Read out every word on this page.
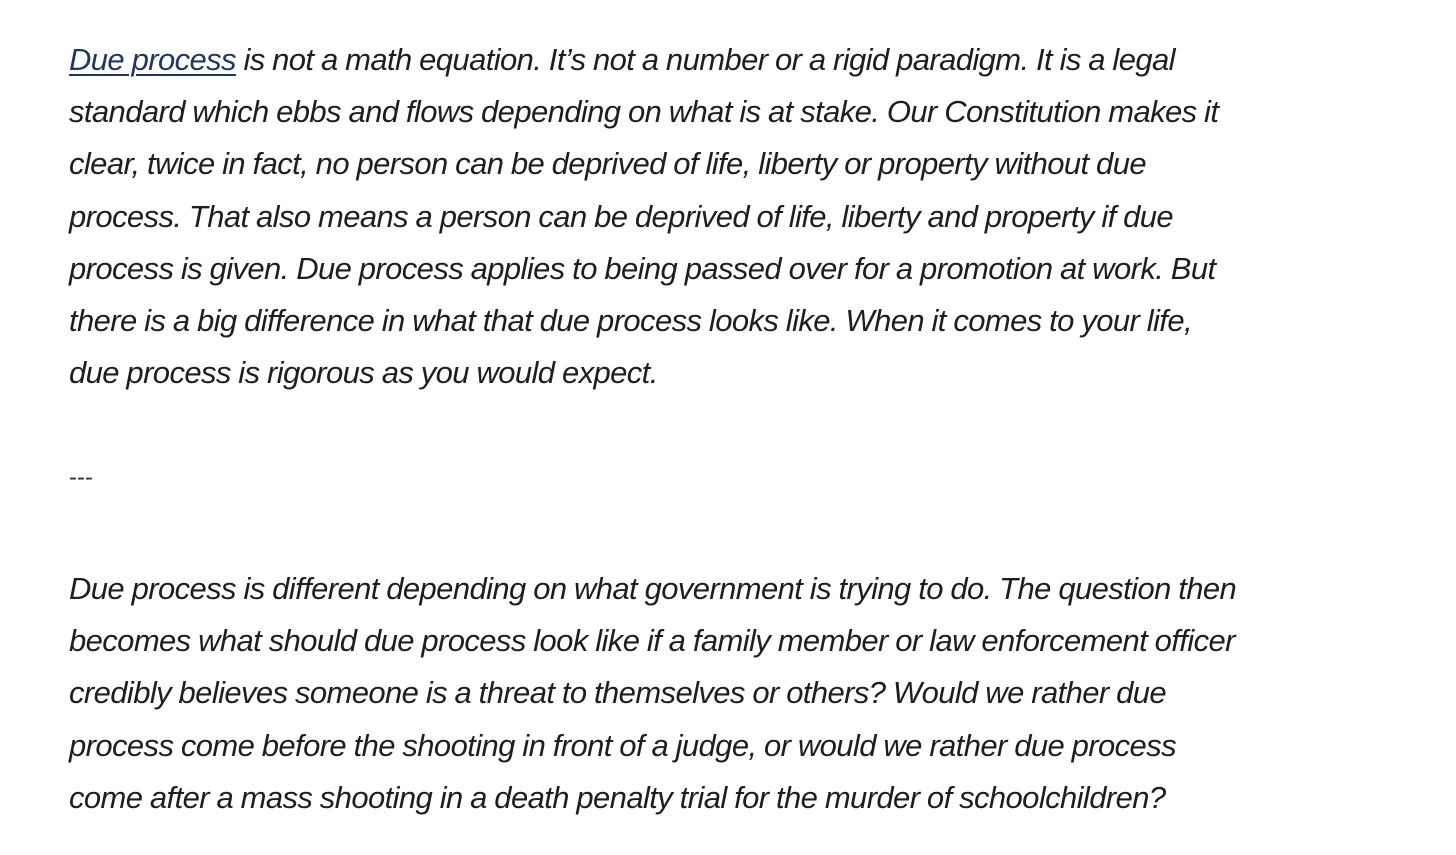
Due process is not a math equation. It’s not a number or a rigid paradigm. It is a legal
standard which ebbs and flows depending on what is at stake. Our Constitution makes it
clear, twice in fact, no person can be deprived of life, liberty or property without due
process. That also means a person can be deprived of life, liberty and property if due
process is given. Due process applies to being passed over for a promotion at work. But
there is a big difference in what that due process looks like. When it comes to your life,
due process is rigorous as you would expect.

---

Due process is different depending on what government is trying to do. The question then
becomes what should due process look like if a family member or law enforcement officer
credibly believes someone is a threat to themselves or others? Would we rather due
process come before the shooting in front of a judge, or would we rather due process
come after a mass shooting in a death penalty trial for the murder of schoolchildren?
